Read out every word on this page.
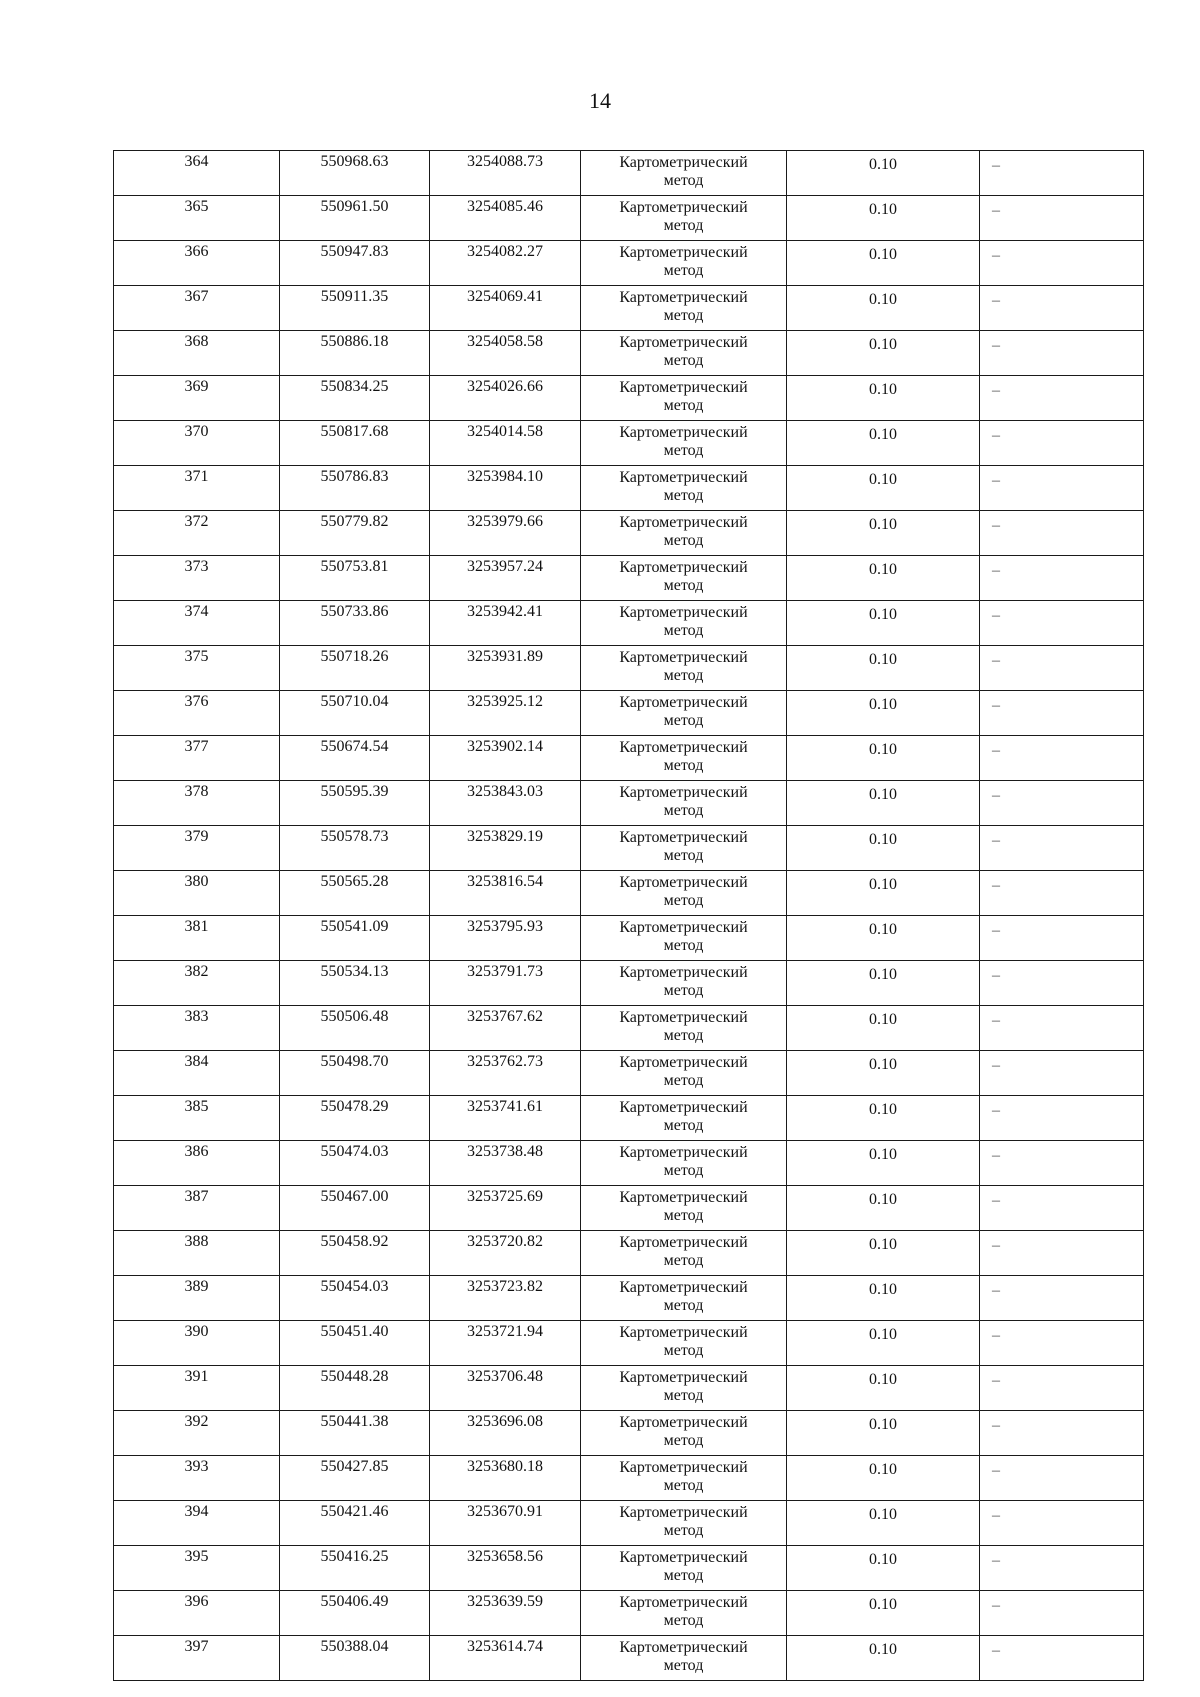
14
364	550968.63	3254088.73	Картометрический
метод	0.10	–
365	550961.50	3254085.46	Картометрический
метод	0.10	–
366	550947.83	3254082.27	Картометрический
метод	0.10	–
367	550911.35	3254069.41	Картометрический
метод	0.10	–
368	550886.18	3254058.58	Картометрический
метод	0.10	–
369	550834.25	3254026.66	Картометрический
метод	0.10	–
370	550817.68	3254014.58	Картометрический
метод	0.10	–
371	550786.83	3253984.10	Картометрический
метод	0.10	–
372	550779.82	3253979.66	Картометрический
метод	0.10	–
373	550753.81	3253957.24	Картометрический
метод	0.10	–
374	550733.86	3253942.41	Картометрический
метод	0.10	–
375	550718.26	3253931.89	Картометрический
метод	0.10	–
376	550710.04	3253925.12	Картометрический
метод	0.10	–
377	550674.54	3253902.14	Картометрический
метод	0.10	–
378	550595.39	3253843.03	Картометрический
метод	0.10	–
379	550578.73	3253829.19	Картометрический
метод	0.10	–
380	550565.28	3253816.54	Картометрический
метод	0.10	–
381	550541.09	3253795.93	Картометрический
метод	0.10	–
382	550534.13	3253791.73	Картометрический
метод	0.10	–
383	550506.48	3253767.62	Картометрический
метод	0.10	–
384	550498.70	3253762.73	Картометрический
метод	0.10	–
385	550478.29	3253741.61	Картометрический
метод	0.10	–
386	550474.03	3253738.48	Картометрический
метод	0.10	–
387	550467.00	3253725.69	Картометрический
метод	0.10	–
388	550458.92	3253720.82	Картометрический
метод	0.10	–
389	550454.03	3253723.82	Картометрический
метод	0.10	–
390	550451.40	3253721.94	Картометрический
метод	0.10	–
391	550448.28	3253706.48	Картометрический
метод	0.10	–
392	550441.38	3253696.08	Картометрический
метод	0.10	–
393	550427.85	3253680.18	Картометрический
метод	0.10	–
394	550421.46	3253670.91	Картометрический
метод	0.10	–
395	550416.25	3253658.56	Картометрический
метод	0.10	–
396	550406.49	3253639.59	Картометрический
метод	0.10	–
397	550388.04	3253614.74	Картометрический
метод	0.10	–
